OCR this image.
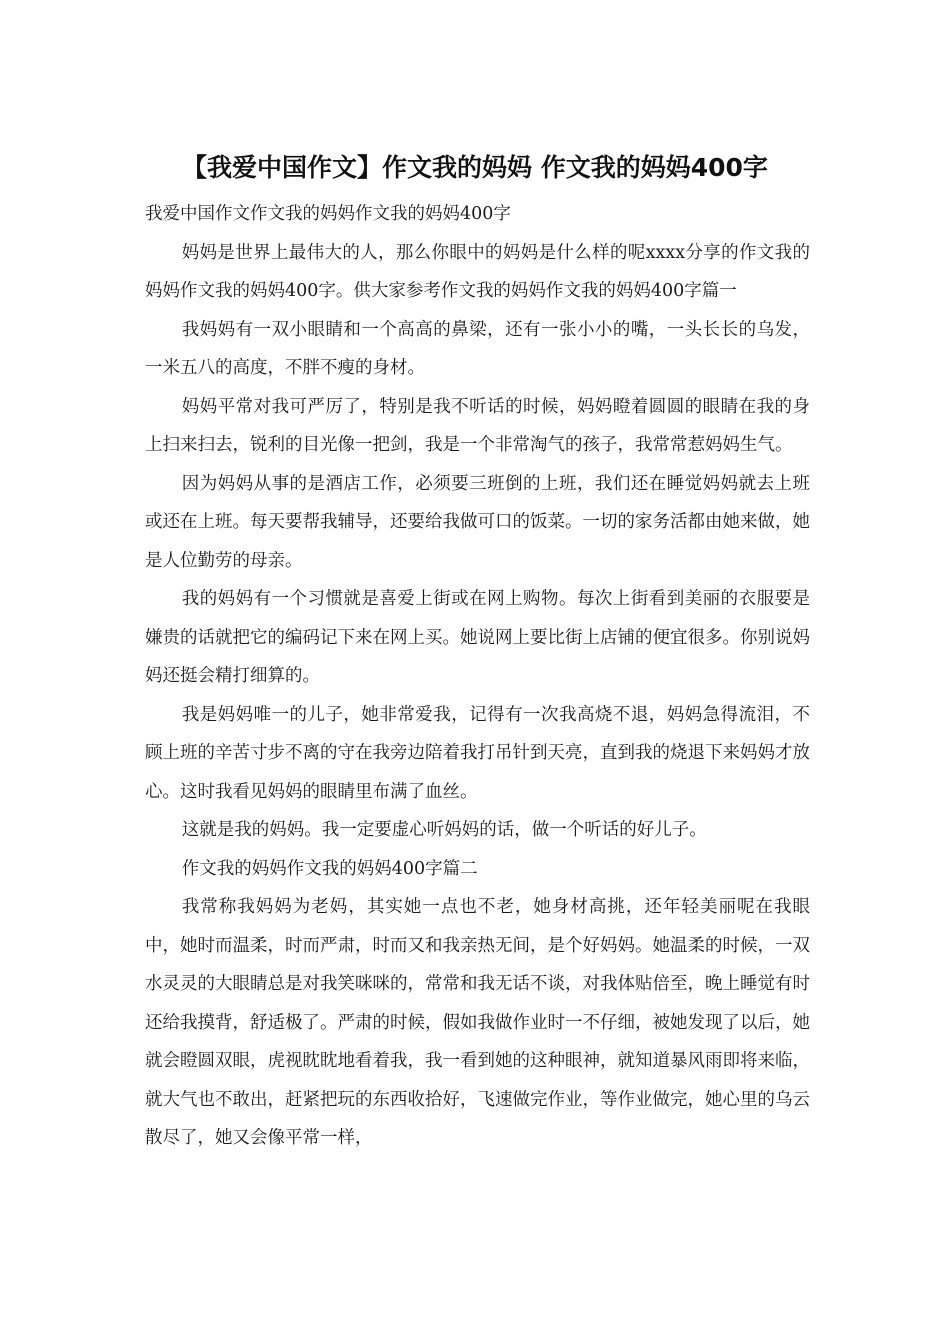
【我爱中国作文】作文我的妈妈 作文我的妈妈400字

我爱中国作文作文我的妈妈作文我的妈妈400字

妈妈是世界上最伟大的人，那么你眼中的妈妈是什么样的呢xxxx分享的作文我的妈妈作文我的妈妈400字。供大家参考作文我的妈妈作文我的妈妈400字篇一

我妈妈有一双小眼睛和一个高高的鼻梁，还有一张小小的嘴，一头长长的乌发，一米五八的高度，不胖不瘦的身材。

妈妈平常对我可严厉了，特别是我不听话的时候，妈妈瞪着圆圆的眼睛在我的身上扫来扫去，锐利的目光像一把剑，我是一个非常淘气的孩子，我常常惹妈妈生气。

因为妈妈从事的是酒店工作，必须要三班倒的上班，我们还在睡觉妈妈就去上班或还在上班。每天要帮我辅导，还要给我做可口的饭菜。一切的家务活都由她来做，她是人位勤劳的母亲。

我的妈妈有一个习惯就是喜爱上街或在网上购物。每次上街看到美丽的衣服要是嫌贵的话就把它的编码记下来在网上买。她说网上要比街上店铺的便宜很多。你别说妈妈还挺会精打细算的。

我是妈妈唯一的儿子，她非常爱我，记得有一次我高烧不退，妈妈急得流泪，不顾上班的辛苦寸步不离的守在我旁边陪着我打吊针到天亮，直到我的烧退下来妈妈才放心。这时我看见妈妈的眼睛里布满了血丝。

这就是我的妈妈。我一定要虚心听妈妈的话，做一个听话的好儿子。

作文我的妈妈作文我的妈妈400字篇二

我常称我妈妈为老妈，其实她一点也不老，她身材高挑，还年轻美丽呢在我眼中，她时而温柔，时而严肃，时而又和我亲热无间，是个好妈妈。她温柔的时候，一双水灵灵的大眼睛总是对我笑咪咪的，常常和我无话不谈，对我体贴倍至，晚上睡觉有时还给我摸背，舒适极了。严肃的时候，假如我做作业时一不仔细，被她发现了以后，她就会瞪圆双眼，虎视眈眈地看着我，我一看到她的这种眼神，就知道暴风雨即将来临，就大气也不敢出，赶紧把玩的东西收拾好，飞速做完作业，等作业做完，她心里的乌云散尽了，她又会像平常一样，
